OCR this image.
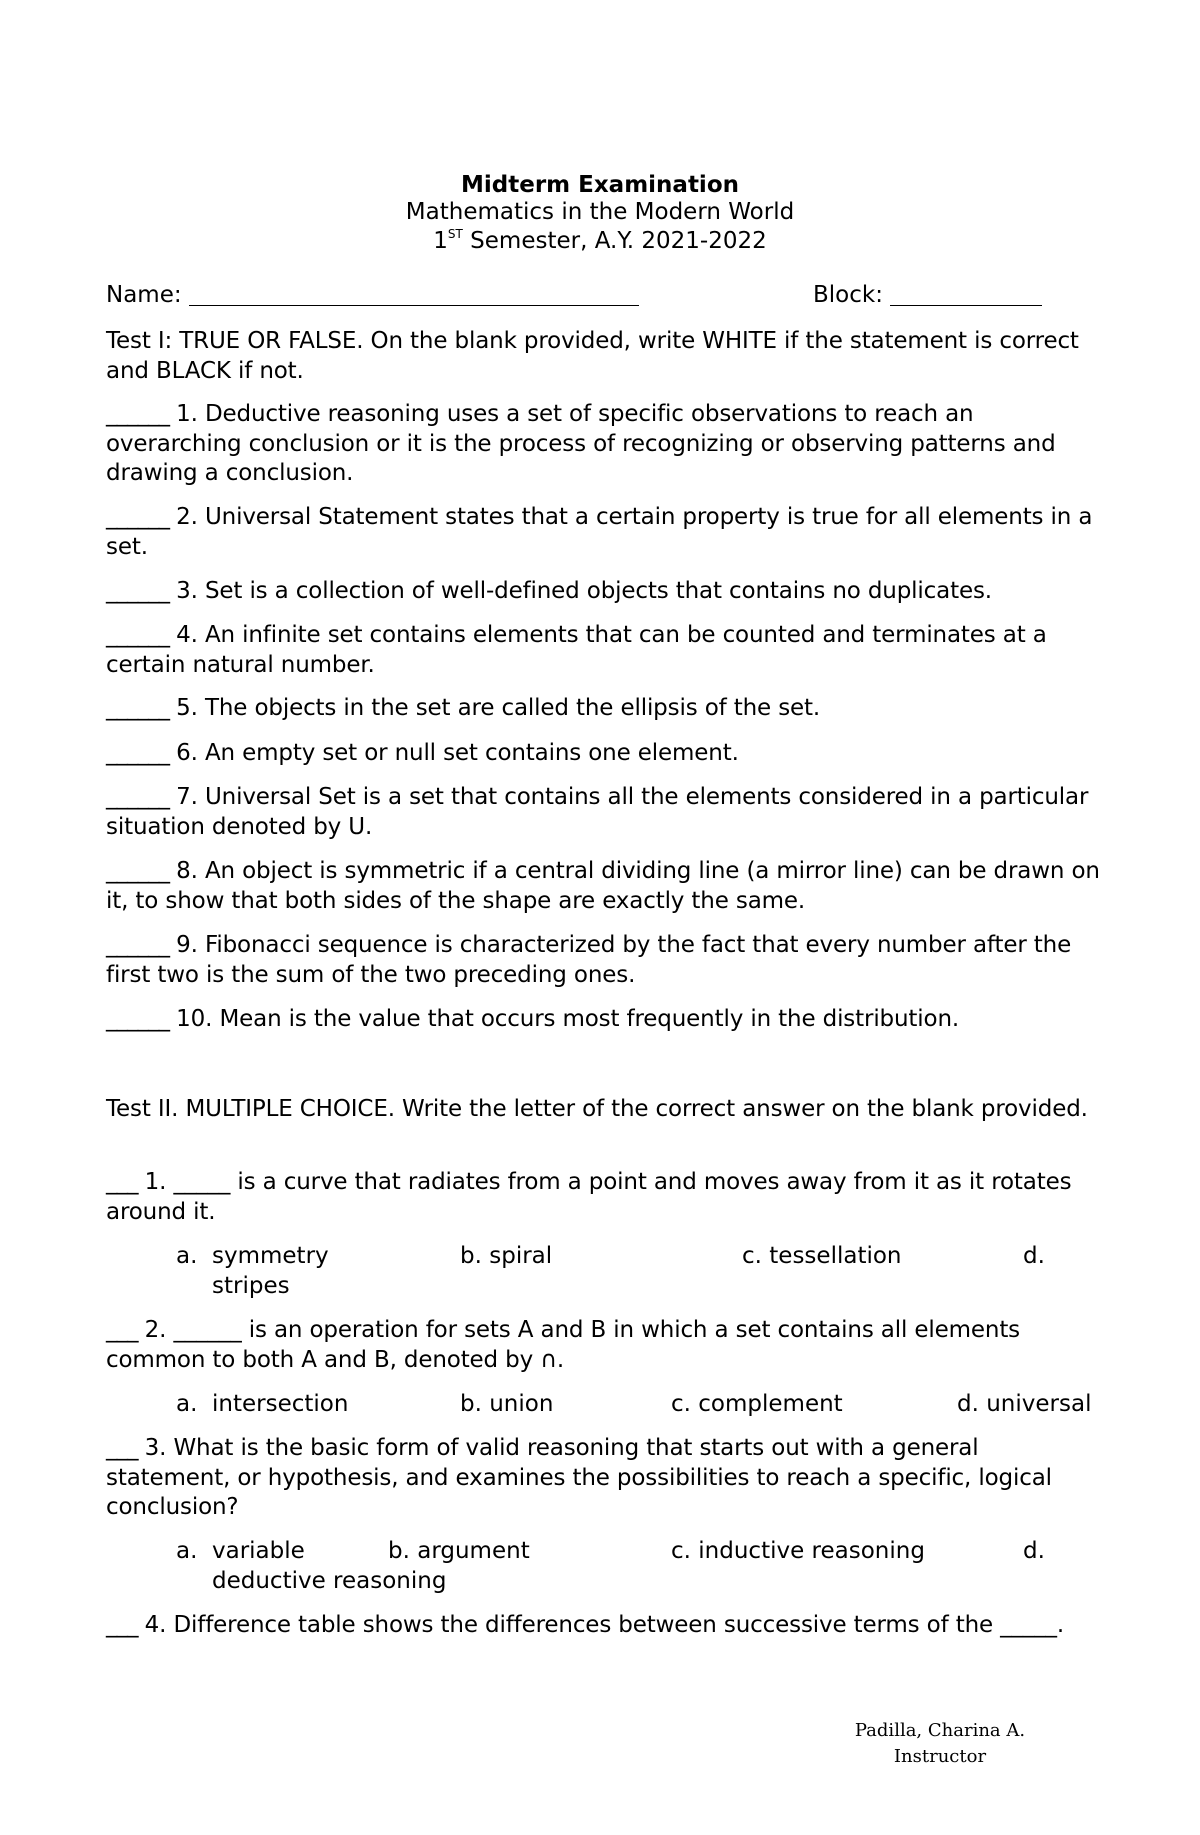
Midterm Examination
Mathematics in the Modern World
1ST Semester, A.Y. 2021-2022
Name:	Block:
Test I: TRUE OR FALSE. On the blank provided, write WHITE if the statement is correct and BLACK if not.
______ 1. Deductive reasoning uses a set of specific observations to reach an overarching conclusion or it is the process of recognizing or observing patterns and drawing a conclusion.
______ 2. Universal Statement states that a certain property is true for all elements in a set.
______ 3. Set is a collection of well-defined objects that contains no duplicates.
______ 4. An infinite set contains elements that can be counted and terminates at a certain natural number.
______ 5. The objects in the set are called the ellipsis of the set.
______ 6. An empty set or null set contains one element.
______ 7. Universal Set is a set that contains all the elements considered in a particular situation denoted by U.
______ 8. An object is symmetric if a central dividing line (a mirror line) can be drawn on it, to show that both sides of the shape are exactly the same.
______ 9. Fibonacci sequence is characterized by the fact that every number after the first two is the sum of the two preceding ones.
______ 10. Mean is the value that occurs most frequently in the distribution.
Test II. MULTIPLE CHOICE. Write the letter of the correct answer on the blank provided.
___ 1. _____ is a curve that radiates from a point and moves away from it as it rotates around it.
a. symmetry	b. spiral	c. tessellation	d.
stripes
___ 2. ______ is an operation for sets A and B in which a set contains all elements common to both A and B, denoted by ∩.
a. intersection	b. union	c. complement	d. universal
___ 3. What is the basic form of valid reasoning that starts out with a general statement, or hypothesis, and examines the possibilities to reach a specific, logical conclusion?
a. variable	b. argument	c. inductive reasoning	d.
deductive reasoning
___ 4. Difference table shows the differences between successive terms of the _____.
Padilla, Charina A.
Instructor
